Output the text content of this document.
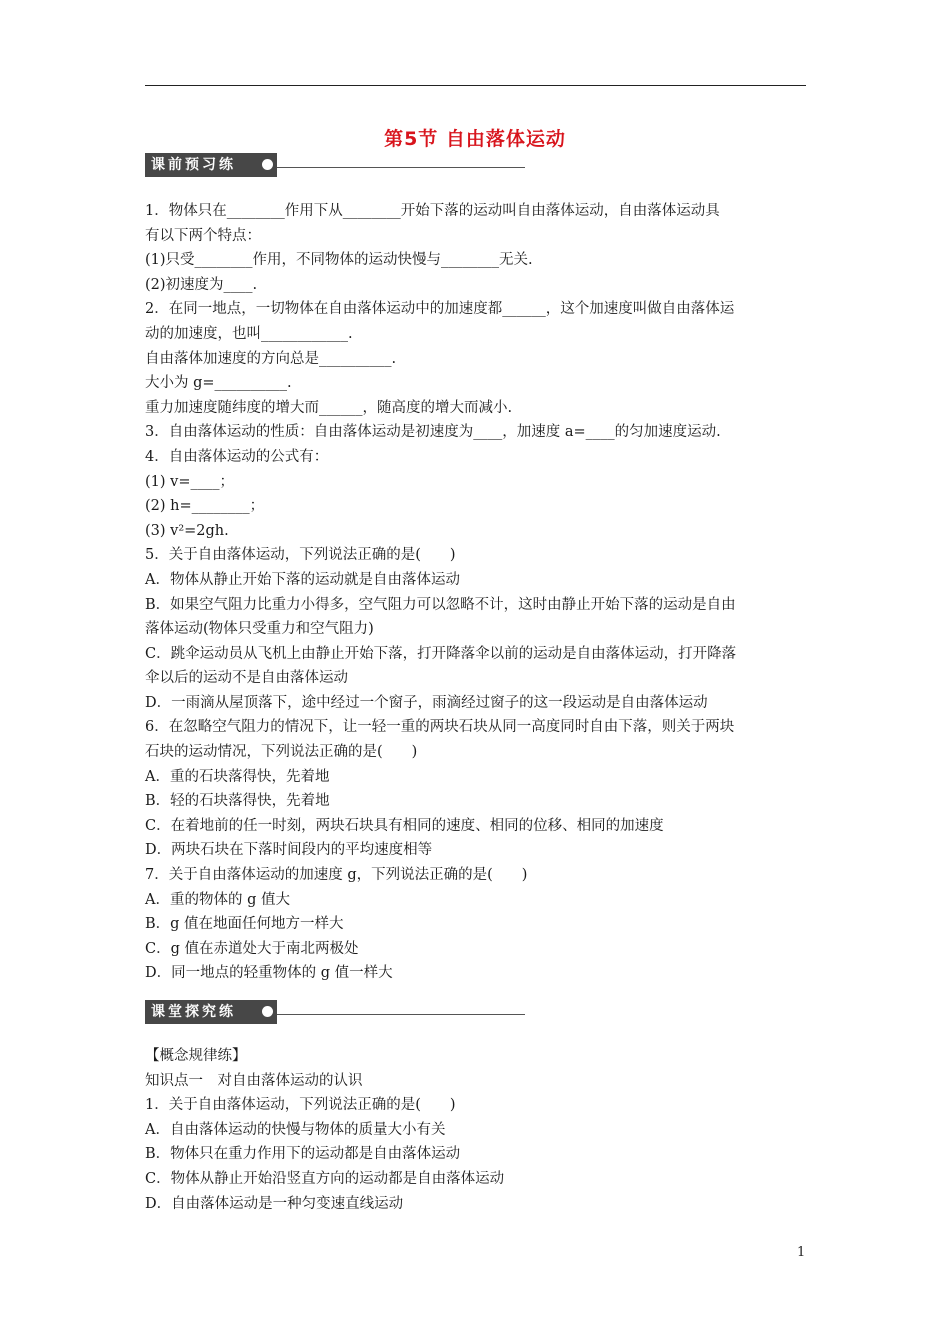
第5节 自由落体运动
课前预习练
1．物体只在________作用下从________开始下落的运动叫自由落体运动，自由落体运动具
有以下两个特点：
(1)只受________作用，不同物体的运动快慢与________无关.
(2)初速度为____.
2．在同一地点，一切物体在自由落体运动中的加速度都______，这个加速度叫做自由落体运
动的加速度，也叫____________.
自由落体加速度的方向总是__________.
大小为 g=__________.
重力加速度随纬度的增大而______，随高度的增大而减小.
3．自由落体运动的性质：自由落体运动是初速度为____，加速度 a=____的匀加速度运动.
4．自由落体运动的公式有：
(1) v=____；
(2) h=________；
(3) v²=2gh.
5．关于自由落体运动，下列说法正确的是(　　)
A．物体从静止开始下落的运动就是自由落体运动
B．如果空气阻力比重力小得多，空气阻力可以忽略不计，这时由静止开始下落的运动是自由
落体运动(物体只受重力和空气阻力)
C．跳伞运动员从飞机上由静止开始下落，打开降落伞以前的运动是自由落体运动，打开降落
伞以后的运动不是自由落体运动
D．一雨滴从屋顶落下，途中经过一个窗子，雨滴经过窗子的这一段运动是自由落体运动
6．在忽略空气阻力的情况下，让一轻一重的两块石块从同一高度同时自由下落，则关于两块
石块的运动情况，下列说法正确的是(　　)
A．重的石块落得快，先着地
B．轻的石块落得快，先着地
C．在着地前的任一时刻，两块石块具有相同的速度、相同的位移、相同的加速度
D．两块石块在下落时间段内的平均速度相等
7．关于自由落体运动的加速度 g，下列说法正确的是(　　)
A．重的物体的 g 值大
B．g 值在地面任何地方一样大
C．g 值在赤道处大于南北两极处
D．同一地点的轻重物体的 g 值一样大
课堂探究练
【概念规律练】
知识点一　对自由落体运动的认识
1．关于自由落体运动，下列说法正确的是(　　)
A．自由落体运动的快慢与物体的质量大小有关
B．物体只在重力作用下的运动都是自由落体运动
C．物体从静止开始沿竖直方向的运动都是自由落体运动
D．自由落体运动是一种匀变速直线运动
1
